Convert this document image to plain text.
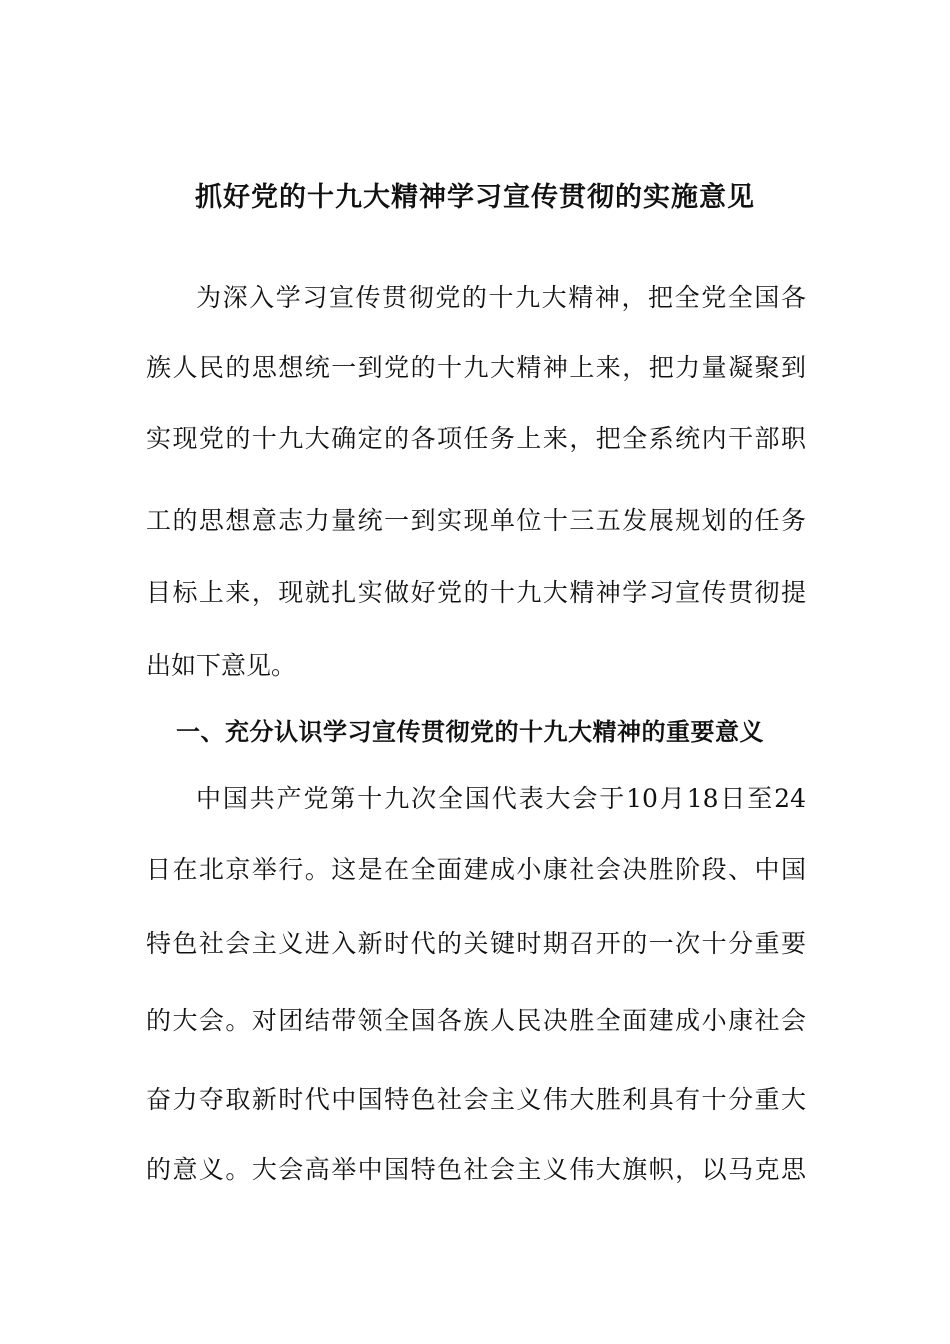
抓好党的十九大精神学习宣传贯彻的实施意见
为深入学习宣传贯彻党的十九大精神，把全党全国各
族人民的思想统一到党的十九大精神上来，把力量凝聚到
实现党的十九大确定的各项任务上来，把全系统内干部职
工的思想意志力量统一到实现单位十三五发展规划的任务
目标上来，现就扎实做好党的十九大精神学习宣传贯彻提
出如下意见。
一、充分认识学习宣传贯彻党的十九大精神的重要意义
中国共产党第十九次全国代表大会于10月18日至24
日在北京举行。这是在全面建成小康社会决胜阶段、中国
特色社会主义进入新时代的关键时期召开的一次十分重要
的大会。对团结带领全国各族人民决胜全面建成小康社会
奋力夺取新时代中国特色社会主义伟大胜利具有十分重大
的意义。大会高举中国特色社会主义伟大旗帜，以马克思
